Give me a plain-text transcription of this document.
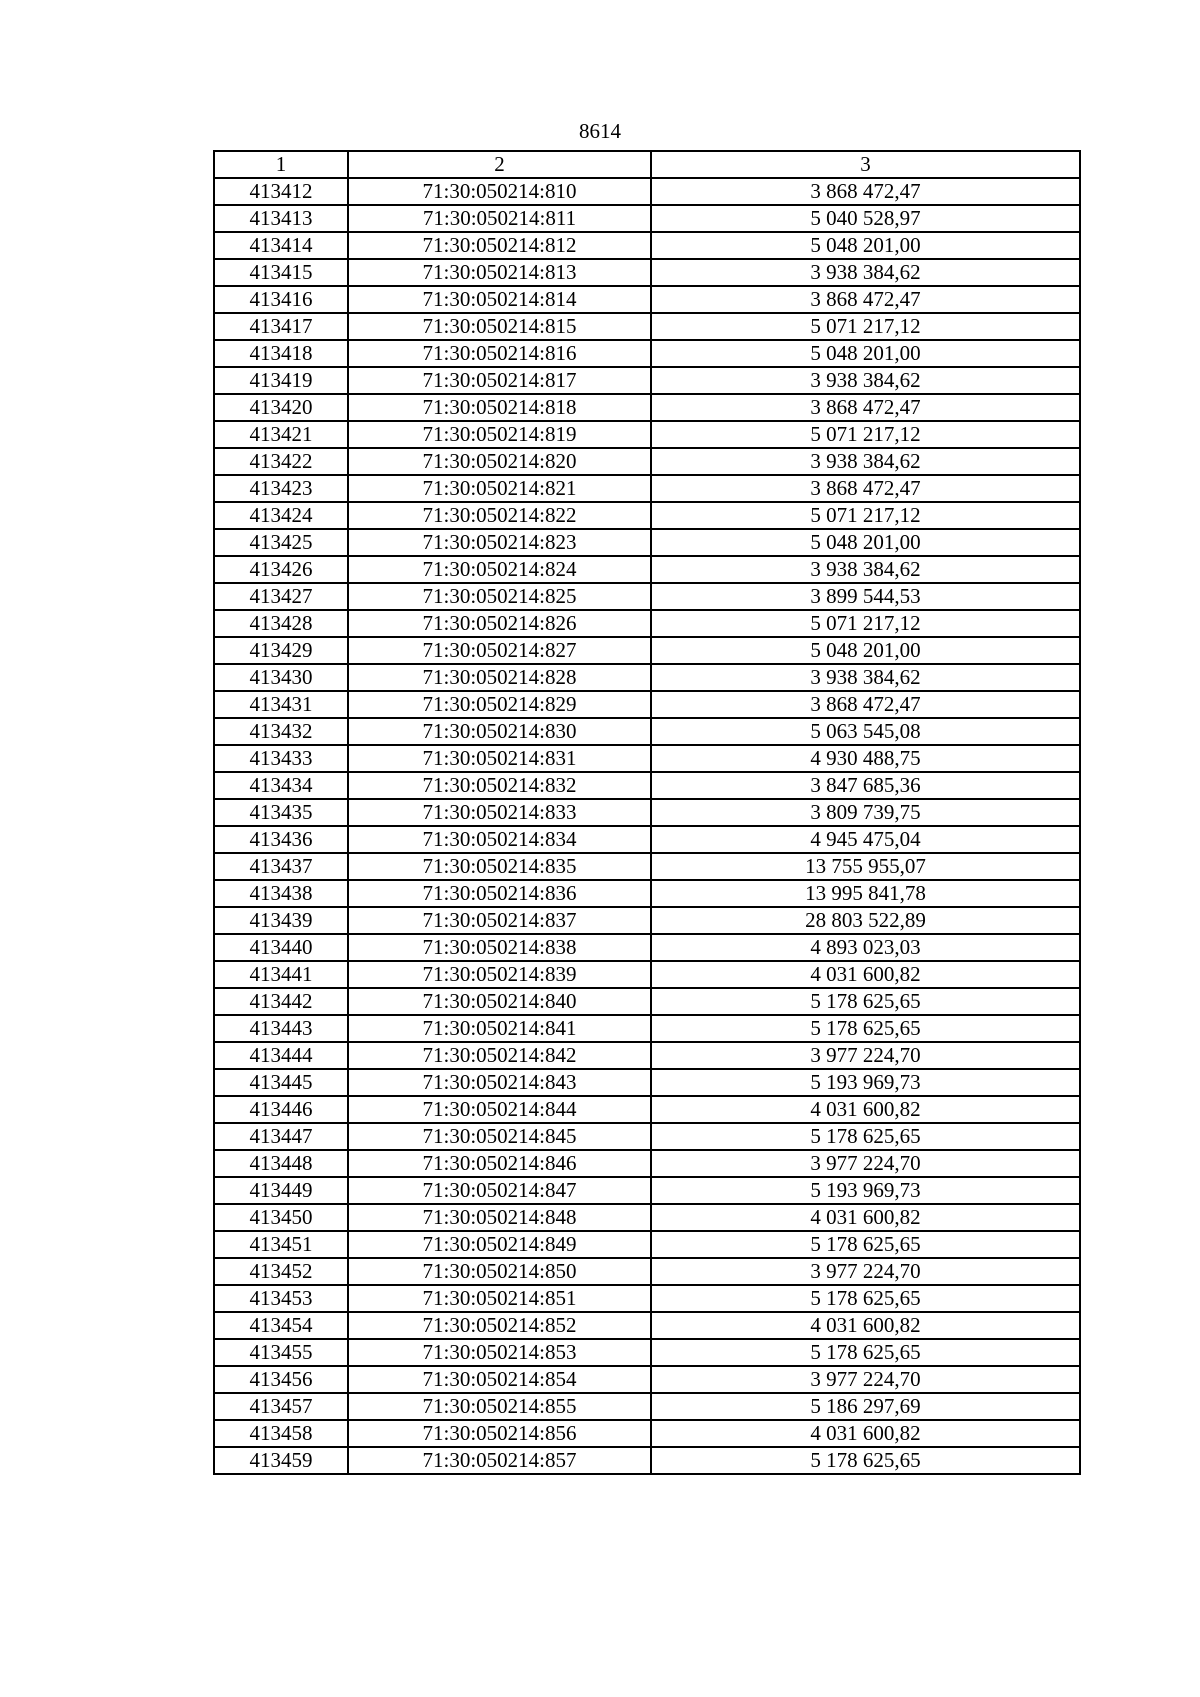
8614
1	2	3
413412	71:30:050214:810	3 868 472,47
413413	71:30:050214:811	5 040 528,97
413414	71:30:050214:812	5 048 201,00
413415	71:30:050214:813	3 938 384,62
413416	71:30:050214:814	3 868 472,47
413417	71:30:050214:815	5 071 217,12
413418	71:30:050214:816	5 048 201,00
413419	71:30:050214:817	3 938 384,62
413420	71:30:050214:818	3 868 472,47
413421	71:30:050214:819	5 071 217,12
413422	71:30:050214:820	3 938 384,62
413423	71:30:050214:821	3 868 472,47
413424	71:30:050214:822	5 071 217,12
413425	71:30:050214:823	5 048 201,00
413426	71:30:050214:824	3 938 384,62
413427	71:30:050214:825	3 899 544,53
413428	71:30:050214:826	5 071 217,12
413429	71:30:050214:827	5 048 201,00
413430	71:30:050214:828	3 938 384,62
413431	71:30:050214:829	3 868 472,47
413432	71:30:050214:830	5 063 545,08
413433	71:30:050214:831	4 930 488,75
413434	71:30:050214:832	3 847 685,36
413435	71:30:050214:833	3 809 739,75
413436	71:30:050214:834	4 945 475,04
413437	71:30:050214:835	13 755 955,07
413438	71:30:050214:836	13 995 841,78
413439	71:30:050214:837	28 803 522,89
413440	71:30:050214:838	4 893 023,03
413441	71:30:050214:839	4 031 600,82
413442	71:30:050214:840	5 178 625,65
413443	71:30:050214:841	5 178 625,65
413444	71:30:050214:842	3 977 224,70
413445	71:30:050214:843	5 193 969,73
413446	71:30:050214:844	4 031 600,82
413447	71:30:050214:845	5 178 625,65
413448	71:30:050214:846	3 977 224,70
413449	71:30:050214:847	5 193 969,73
413450	71:30:050214:848	4 031 600,82
413451	71:30:050214:849	5 178 625,65
413452	71:30:050214:850	3 977 224,70
413453	71:30:050214:851	5 178 625,65
413454	71:30:050214:852	4 031 600,82
413455	71:30:050214:853	5 178 625,65
413456	71:30:050214:854	3 977 224,70
413457	71:30:050214:855	5 186 297,69
413458	71:30:050214:856	4 031 600,82
413459	71:30:050214:857	5 178 625,65
